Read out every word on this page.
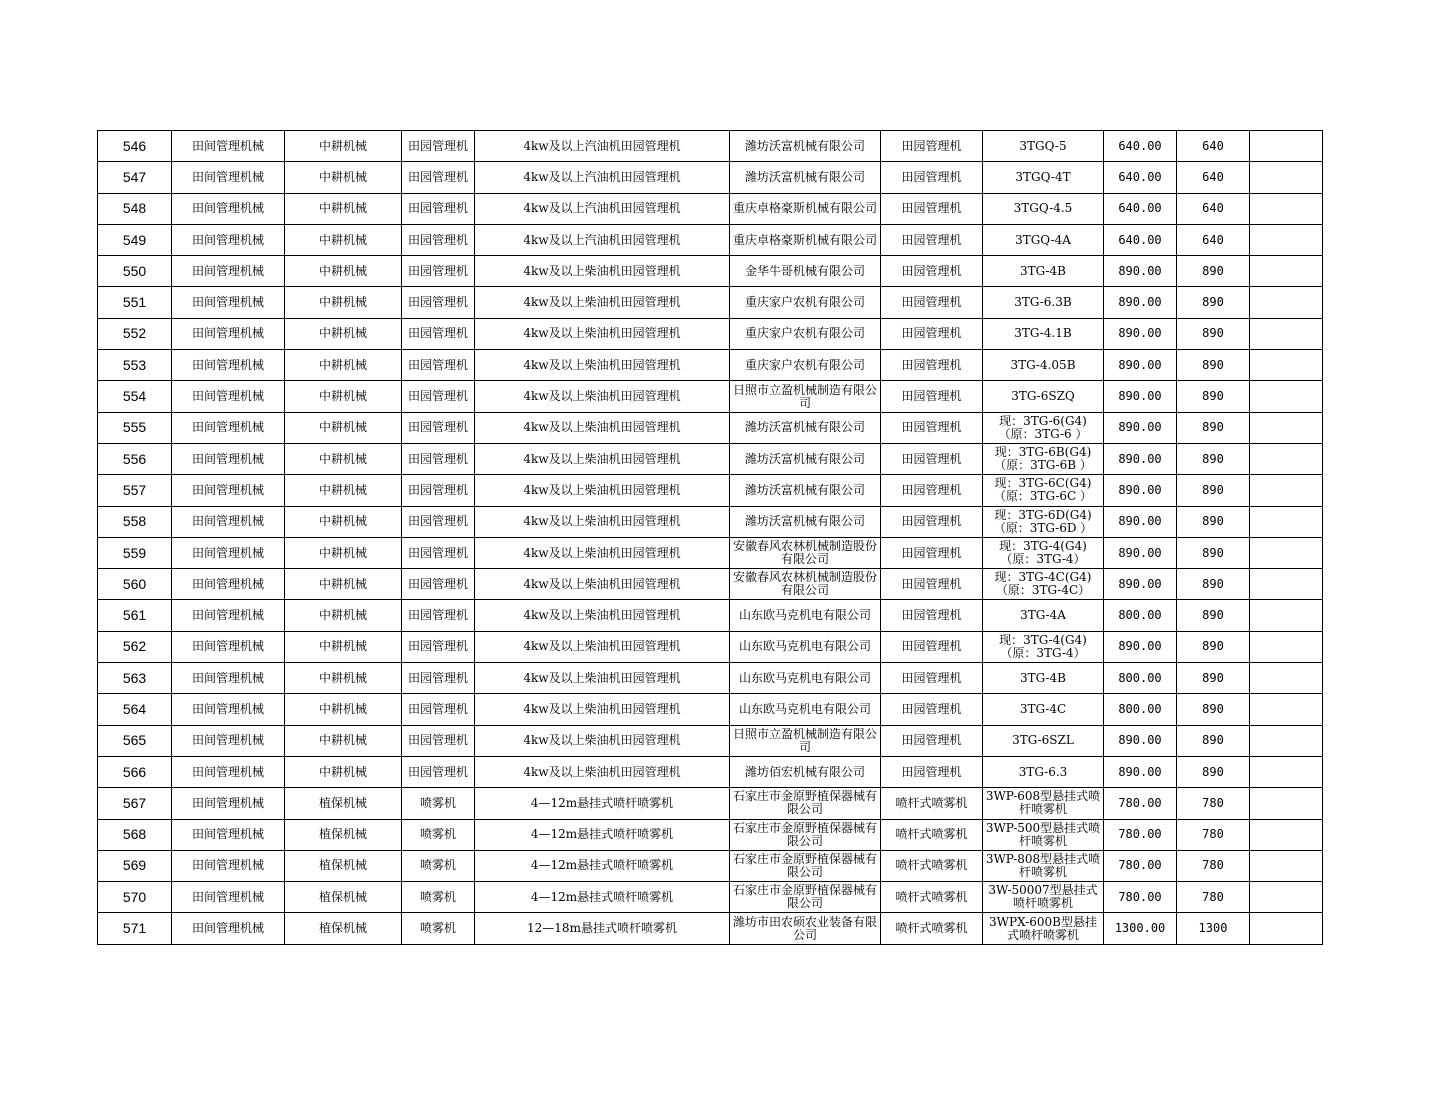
546	田间管理机械	中耕机械	田园管理机	4kw及以上汽油机田园管理机	潍坊沃富机械有限公司	田园管理机	3TGQ-5	640.00	640	
547	田间管理机械	中耕机械	田园管理机	4kw及以上汽油机田园管理机	潍坊沃富机械有限公司	田园管理机	3TGQ-4T	640.00	640	
548	田间管理机械	中耕机械	田园管理机	4kw及以上汽油机田园管理机	重庆卓格豪斯机械有限公司	田园管理机	3TGQ-4.5	640.00	640	
549	田间管理机械	中耕机械	田园管理机	4kw及以上汽油机田园管理机	重庆卓格豪斯机械有限公司	田园管理机	3TGQ-4A	640.00	640	
550	田间管理机械	中耕机械	田园管理机	4kw及以上柴油机田园管理机	金华牛哥机械有限公司	田园管理机	3TG-4B	890.00	890	
551	田间管理机械	中耕机械	田园管理机	4kw及以上柴油机田园管理机	重庆家户农机有限公司	田园管理机	3TG-6.3B	890.00	890	
552	田间管理机械	中耕机械	田园管理机	4kw及以上柴油机田园管理机	重庆家户农机有限公司	田园管理机	3TG-4.1B	890.00	890	
553	田间管理机械	中耕机械	田园管理机	4kw及以上柴油机田园管理机	重庆家户农机有限公司	田园管理机	3TG-4.05B	890.00	890	
554	田间管理机械	中耕机械	田园管理机	4kw及以上柴油机田园管理机	日照市立盈机械制造有限公司	田园管理机	3TG-6SZQ	890.00	890	
555	田间管理机械	中耕机械	田园管理机	4kw及以上柴油机田园管理机	潍坊沃富机械有限公司	田园管理机	现：3TG-6(G4)（原：3TG-6 ）	890.00	890	
556	田间管理机械	中耕机械	田园管理机	4kw及以上柴油机田园管理机	潍坊沃富机械有限公司	田园管理机	现：3TG-6B(G4)（原：3TG-6B ）	890.00	890	
557	田间管理机械	中耕机械	田园管理机	4kw及以上柴油机田园管理机	潍坊沃富机械有限公司	田园管理机	现：3TG-6C(G4)（原：3TG-6C ）	890.00	890	
558	田间管理机械	中耕机械	田园管理机	4kw及以上柴油机田园管理机	潍坊沃富机械有限公司	田园管理机	现：3TG-6D(G4)（原：3TG-6D ）	890.00	890	
559	田间管理机械	中耕机械	田园管理机	4kw及以上柴油机田园管理机	安徽春风农林机械制造股份有限公司	田园管理机	现：3TG-4(G4)（原：3TG-4）	890.00	890	
560	田间管理机械	中耕机械	田园管理机	4kw及以上柴油机田园管理机	安徽春风农林机械制造股份有限公司	田园管理机	现：3TG-4C(G4)（原：3TG-4C）	890.00	890	
561	田间管理机械	中耕机械	田园管理机	4kw及以上柴油机田园管理机	山东欧马克机电有限公司	田园管理机	3TG-4A	800.00	890	
562	田间管理机械	中耕机械	田园管理机	4kw及以上柴油机田园管理机	山东欧马克机电有限公司	田园管理机	现：3TG-4(G4)（原：3TG-4）	890.00	890	
563	田间管理机械	中耕机械	田园管理机	4kw及以上柴油机田园管理机	山东欧马克机电有限公司	田园管理机	3TG-4B	800.00	890	
564	田间管理机械	中耕机械	田园管理机	4kw及以上柴油机田园管理机	山东欧马克机电有限公司	田园管理机	3TG-4C	800.00	890	
565	田间管理机械	中耕机械	田园管理机	4kw及以上柴油机田园管理机	日照市立盈机械制造有限公司	田园管理机	3TG-6SZL	890.00	890	
566	田间管理机械	中耕机械	田园管理机	4kw及以上柴油机田园管理机	潍坊佰宏机械有限公司	田园管理机	3TG-6.3	890.00	890	
567	田间管理机械	植保机械	喷雾机	4—12m悬挂式喷杆喷雾机	石家庄市金原野植保器械有限公司	喷杆式喷雾机	3WP-608型悬挂式喷杆喷雾机	780.00	780	
568	田间管理机械	植保机械	喷雾机	4—12m悬挂式喷杆喷雾机	石家庄市金原野植保器械有限公司	喷杆式喷雾机	3WP-500型悬挂式喷杆喷雾机	780.00	780	
569	田间管理机械	植保机械	喷雾机	4—12m悬挂式喷杆喷雾机	石家庄市金原野植保器械有限公司	喷杆式喷雾机	3WP-808型悬挂式喷杆喷雾机	780.00	780	
570	田间管理机械	植保机械	喷雾机	4—12m悬挂式喷杆喷雾机	石家庄市金原野植保器械有限公司	喷杆式喷雾机	3W-50007型悬挂式喷杆喷雾机	780.00	780	
571	田间管理机械	植保机械	喷雾机	12—18m悬挂式喷杆喷雾机	潍坊市田农硕农业装备有限公司	喷杆式喷雾机	3WPX-600B型悬挂式喷杆喷雾机	1300.00	1300	
